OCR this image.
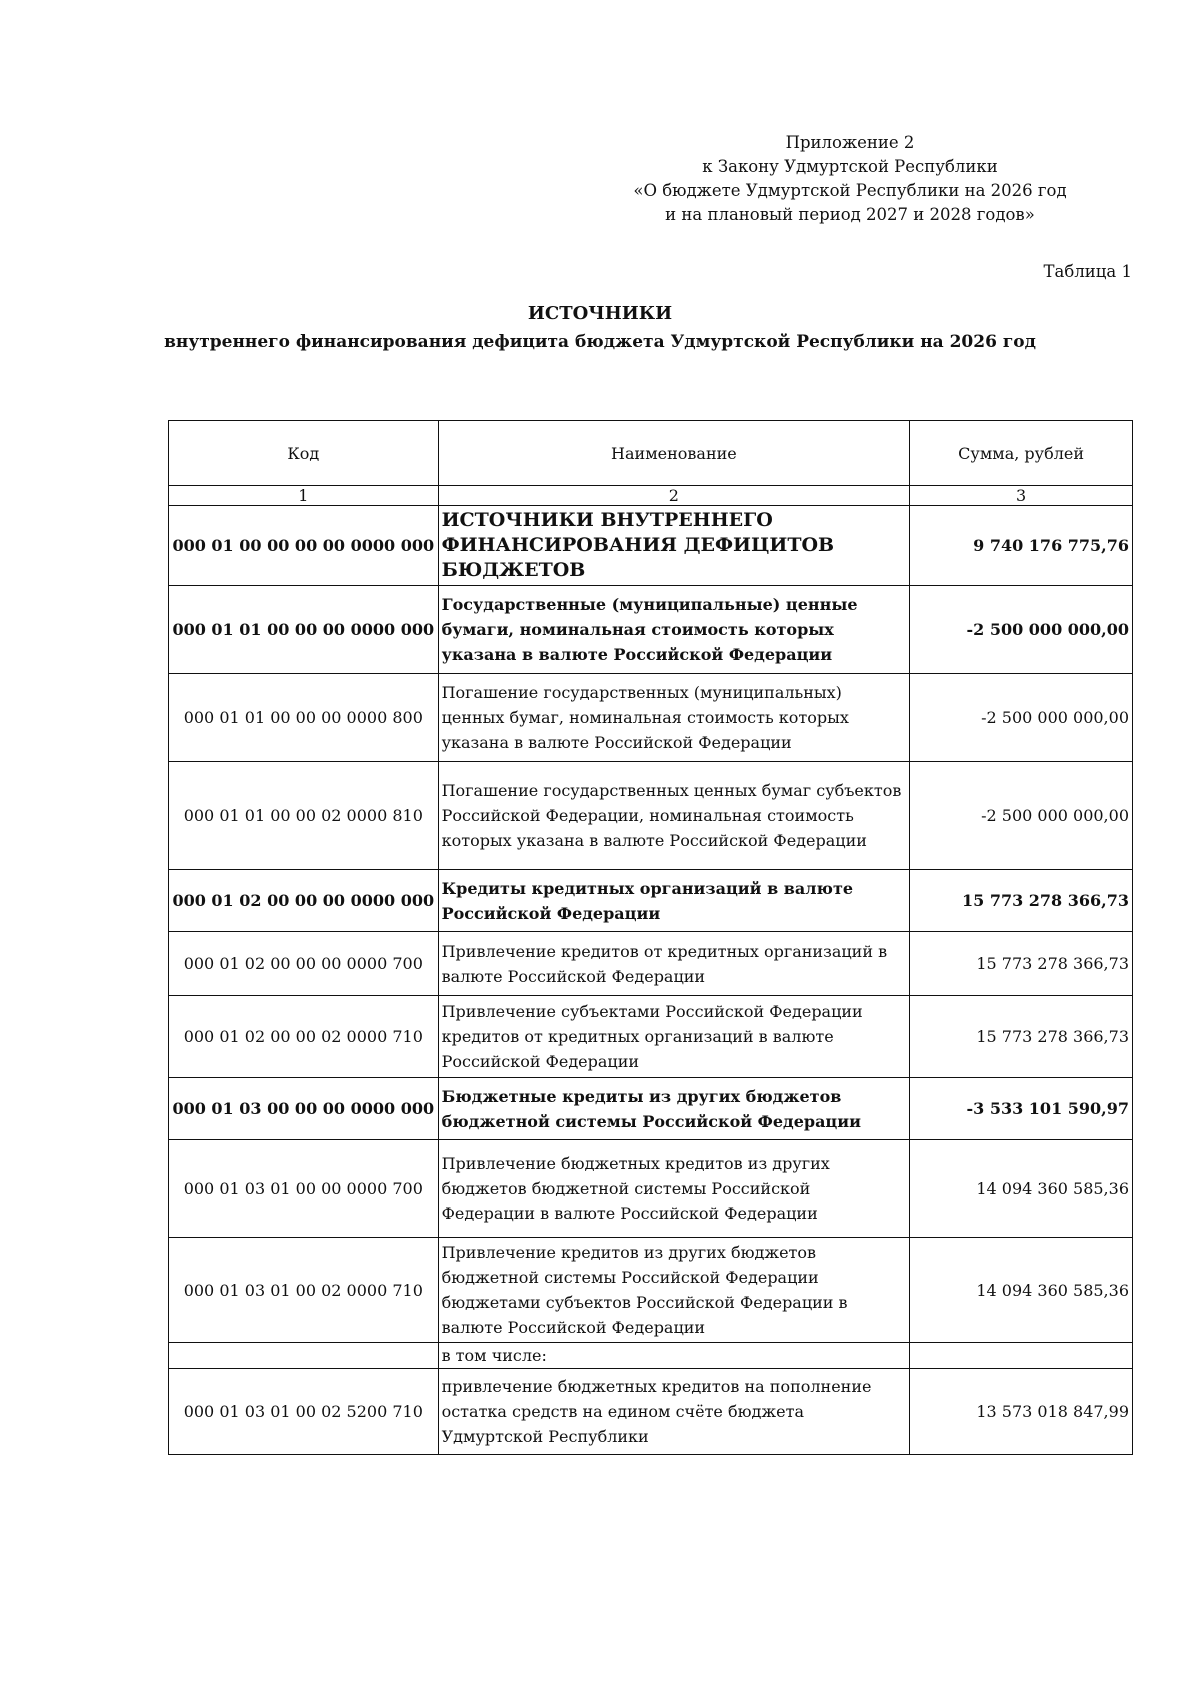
Приложение 2
к Закону Удмуртской Республики
«О бюджете Удмуртской Республики на 2026 год
и на плановый период 2027 и 2028 годов»
Таблица 1
ИСТОЧНИКИ
внутреннего финансирования дефицита бюджета Удмуртской Республики на 2026 год
Код	Наименование	Сумма, рублей
1	2	3
000 01 00 00 00 00 0000 000	ИСТОЧНИКИ ВНУТРЕННЕГО ФИНАНСИРОВАНИЯ ДЕФИЦИТОВ БЮДЖЕТОВ	9 740 176 775,76
000 01 01 00 00 00 0000 000	Государственные (муниципальные) ценные бумаги, номинальная стоимость которых указана в валюте Российской Федерации	-2 500 000 000,00
000 01 01 00 00 00 0000 800	Погашение государственных (муниципальных) ценных бумаг, номинальная стоимость которых указана в валюте Российской Федерации	-2 500 000 000,00
000 01 01 00 00 02 0000 810	Погашение государственных ценных бумаг субъектов Российской Федерации, номинальная стоимость которых указана в валюте Российской Федерации	-2 500 000 000,00
000 01 02 00 00 00 0000 000	Кредиты кредитных организаций в валюте Российской Федерации	15 773 278 366,73
000 01 02 00 00 00 0000 700	Привлечение кредитов от кредитных организаций в валюте Российской Федерации	15 773 278 366,73
000 01 02 00 00 02 0000 710	Привлечение субъектами Российской Федерации кредитов от кредитных организаций в валюте Российской Федерации	15 773 278 366,73
000 01 03 00 00 00 0000 000	Бюджетные кредиты из других бюджетов бюджетной системы Российской Федерации	-3 533 101 590,97
000 01 03 01 00 00 0000 700	Привлечение бюджетных кредитов из других бюджетов бюджетной системы Российской Федерации в валюте Российской Федерации	14 094 360 585,36
000 01 03 01 00 02 0000 710	Привлечение кредитов из других бюджетов бюджетной системы Российской Федерации бюджетами субъектов Российской Федерации в валюте Российской Федерации	14 094 360 585,36
	в том числе:	
000 01 03 01 00 02 5200 710	привлечение бюджетных кредитов на пополнение остатка средств на едином счёте бюджета Удмуртской Республики	13 573 018 847,99
